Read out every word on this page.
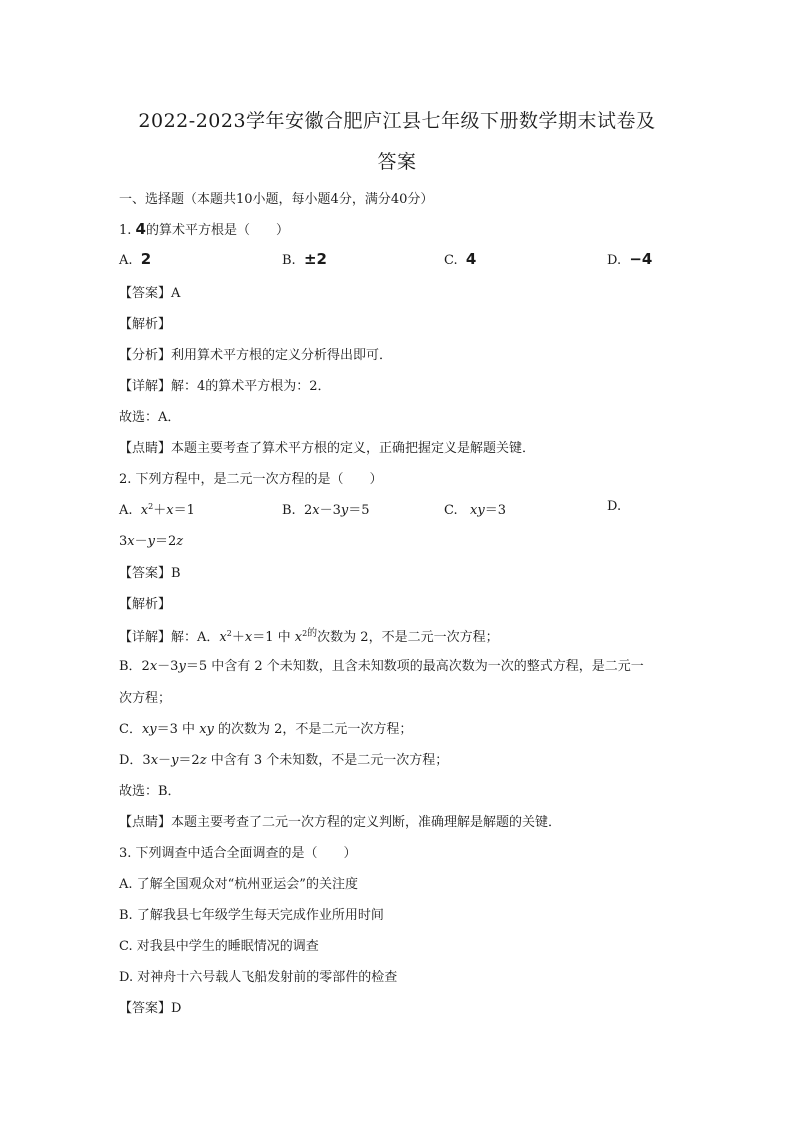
2022-2023学年安徽合肥庐江县七年级下册数学期末试卷及
答案
一、选择题（本题共10小题，每小题4分，满分40分）
1. 4的算术平方根是（　　）
A. 2	B. ±2	C. 4	D. −4
【答案】A
【解析】
【分析】利用算术平方根的定义分析得出即可．
【详解】解：4的算术平方根为：2．
故选：A．
【点睛】本题主要考查了算术平方根的定义，正确把握定义是解题关键．
2. 下列方程中，是二元一次方程的是（　　）
A. $x^2+x=1$	B. 2x－3y＝5	C. xy＝3	D.
3x－y＝2z
【答案】B
【解析】
【详解】解：A．$x^2+x=1$ 中 $x^{2的}$次数为 2，不是二元一次方程；
B．2x－3y＝5 中含有 2 个未知数，且含未知数项的最高次数为一次的整式方程，是二元一
次方程；
C．xy＝3 中 xy 的次数为 2，不是二元一次方程；
D．3x－y＝2z 中含有 3 个未知数，不是二元一次方程；
故选：B．
【点睛】本题主要考查了二元一次方程的定义判断，准确理解是解题的关键．
3. 下列调查中适合全面调查的是（　　）
A. 了解全国观众对“杭州亚运会”的关注度
B. 了解我县七年级学生每天完成作业所用时间
C. 对我县中学生的睡眠情况的调查
D. 对神舟十六号载人飞船发射前的零部件的检查
【答案】D
